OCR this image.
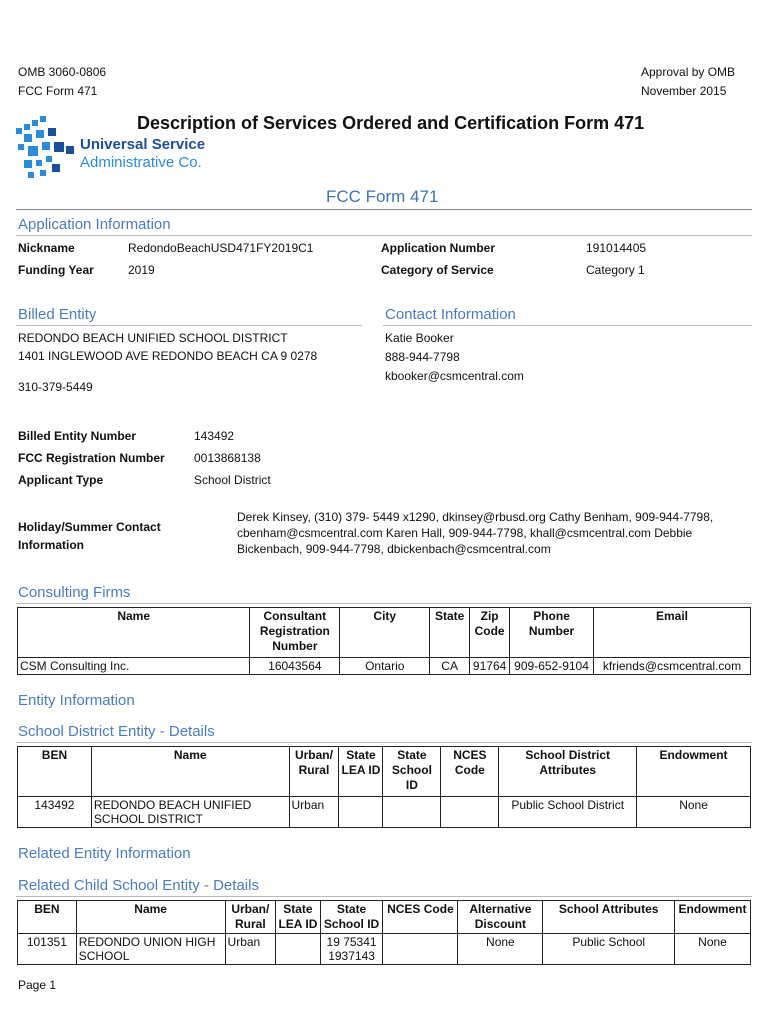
OMB 3060-0806
FCC Form 471
Approval by OMB
November 2015
Universal Service
Administrative Co.
Description of Services Ordered and Certification Form 471
FCC Form 471
Application Information
Nickname	RedondoBeachUSD471FY2019C1	Application Number	191014405
Funding Year	2019	Category of Service	Category 1
Billed Entity
REDONDO BEACH UNIFIED SCHOOL DISTRICT
1401 INGLEWOOD AVE REDONDO BEACH CA 9 0278
310-379-5449
Contact Information
Katie Booker
888-944-7798
kbooker@csmcentral.com
Billed Entity Number	143492
FCC Registration Number 0013868138
Applicant Type	School District
Holiday/Summer Contact Information
Derek Kinsey, (310) 379- 5449 x1290, dkinsey@rbusd.org Cathy Benham, 909-944-7798, cbenham@csmcentral.com Karen Hall, 909-944-7798, khall@csmcentral.com Debbie Bickenbach, 909-944-7798, dbickenbach@csmcentral.com
Consulting Firms
Name	Consultant Registration Number	City	State	Zip Code	Phone Number	Email
CSM Consulting Inc.	16043564	Ontario	CA	91764	909-652-9104	kfriends@csmcentral.com
Entity Information
School District Entity - Details
BEN	Name	Urban/ Rural	State LEA ID	State School ID	NCES Code	School District Attributes	Endowment
143492	REDONDO BEACH UNIFIED SCHOOL DISTRICT	Urban				Public School District	None
Related Entity Information
Related Child School Entity - Details
BEN	Name	Urban/ Rural	State LEA ID	State School ID	NCES Code	Alternative Discount	School Attributes	Endowment
101351	REDONDO UNION HIGH SCHOOL	Urban		19 75341 1937143		None	Public School	None
Page 1
